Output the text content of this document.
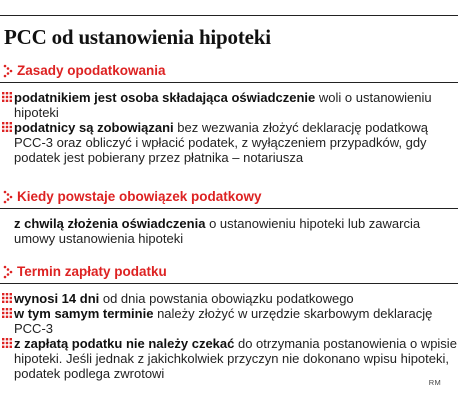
PCC od ustanowienia hipoteki
Zasady opodatkowania
podatnikiem jest osoba składająca oświadczenie woli o ustanowieniu hipoteki
podatnicy są zobowiązani bez wezwania złożyć deklarację podatkową PCC-3 oraz obliczyć i wpłacić podatek, z wyłączeniem przypadków, gdy podatek jest pobierany przez płatnika – notariusza
Kiedy powstaje obowiązek podatkowy
z chwilą złożenia oświadczenia o ustanowieniu hipoteki lub zawarcia umowy ustanowienia hipoteki
Termin zapłaty podatku
wynosi 14 dni od dnia powstania obowiązku podatkowego
w tym samym terminie należy złożyć w urzędzie skarbowym deklarację PCC-3
z zapłatą podatku nie należy czekać do otrzymania postanowienia o wpisie hipoteki. Jeśli jednak z jakichkolwiek przyczyn nie dokonano wpisu hipoteki, podatek podlega zwrotowi
RM
